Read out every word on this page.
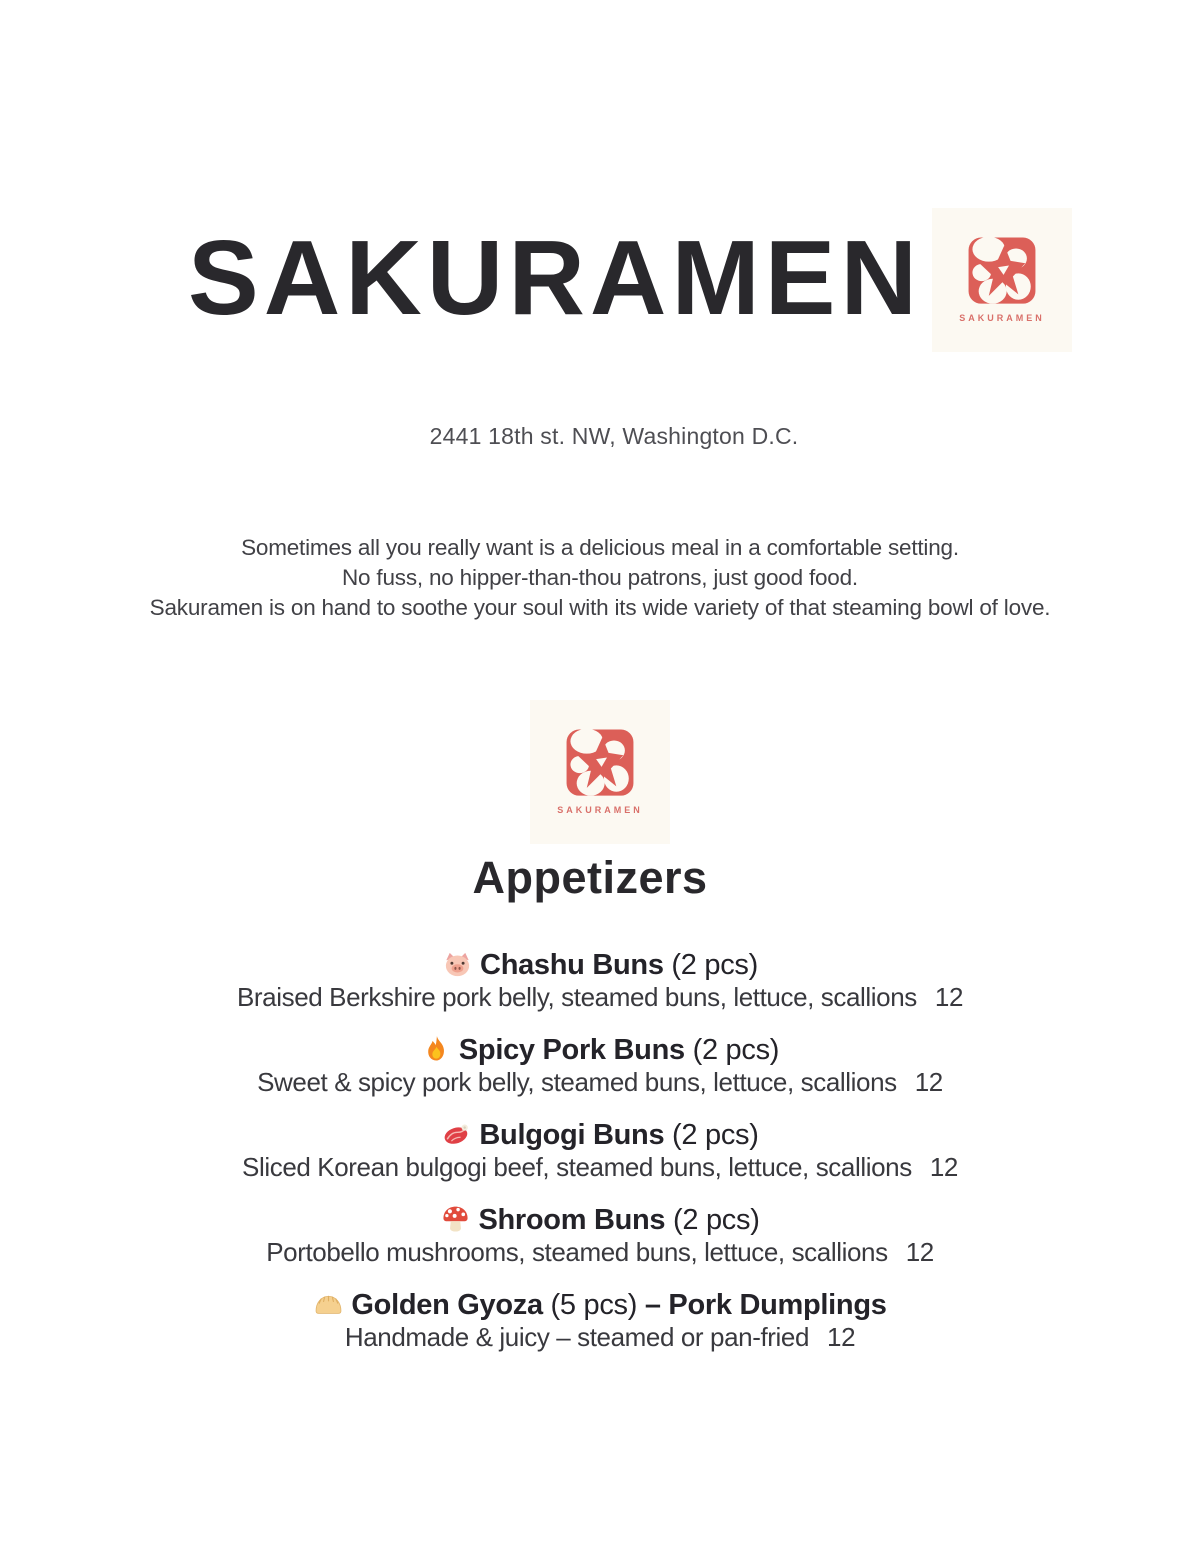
SAKURAMEN	SAKURAMEN
2441 18th st. NW, Washington D.C.
Sometimes all you really want is a delicious meal in a comfortable setting.
No fuss, no hipper-than-thou patrons, just good food.
Sakuramen is on hand to soothe your soul with its wide variety of that steaming bowl of love.
SAKURAMEN
Appetizers
Chashu Buns (2 pcs)
Braised Berkshire pork belly, steamed buns, lettuce, scallions 12
Spicy Pork Buns (2 pcs)
Sweet & spicy pork belly, steamed buns, lettuce, scallions 12
Bulgogi Buns (2 pcs)
Sliced Korean bulgogi beef, steamed buns, lettuce, scallions 12
Shroom Buns (2 pcs)
Portobello mushrooms, steamed buns, lettuce, scallions 12
Golden Gyoza (5 pcs) – Pork Dumplings
Handmade & juicy – steamed or pan-fried 12
